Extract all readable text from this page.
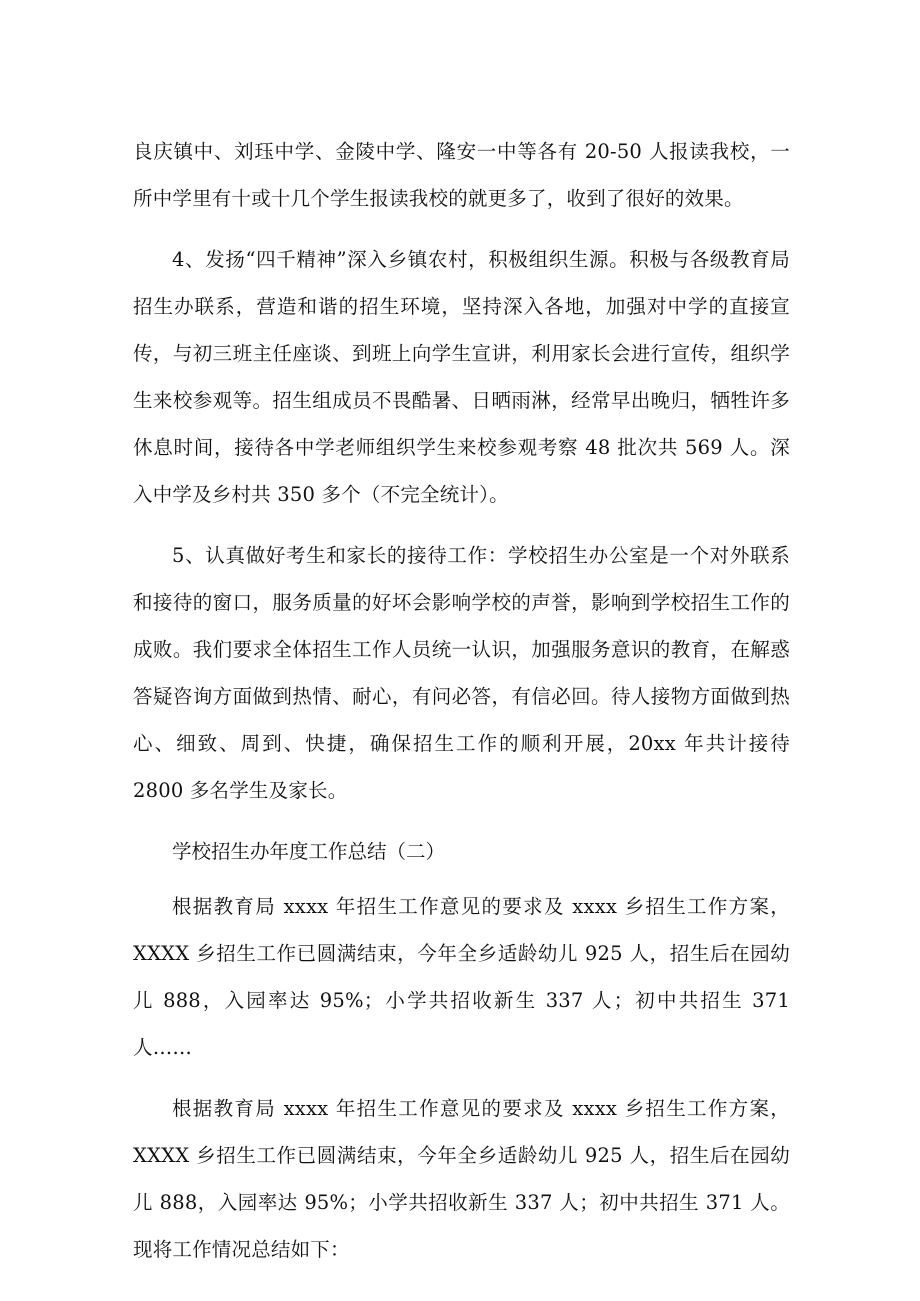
良庆镇中、刘珏中学、金陵中学、隆安一中等各有 20-50 人报读我校，一所中学里有十或十几个学生报读我校的就更多了，收到了很好的效果。

4、发扬“四千精神”深入乡镇农村，积极组织生源。积极与各级教育局招生办联系，营造和谐的招生环境，坚持深入各地，加强对中学的直接宣传，与初三班主任座谈、到班上向学生宣讲，利用家长会进行宣传，组织学生来校参观等。招生组成员不畏酷暑、日晒雨淋，经常早出晚归，牺牲许多休息时间，接待各中学老师组织学生来校参观考察 48 批次共 569 人。深入中学及乡村共 350 多个（不完全统计）。

5、认真做好考生和家长的接待工作：学校招生办公室是一个对外联系和接待的窗口，服务质量的好坏会影响学校的声誉，影响到学校招生工作的成败。我们要求全体招生工作人员统一认识，加强服务意识的教育，在解惑答疑咨询方面做到热情、耐心，有问必答，有信必回。待人接物方面做到热心、细致、周到、快捷，确保招生工作的顺利开展，20xx 年共计接待 2800 多名学生及家长。

学校招生办年度工作总结（二）

根据教育局 xxxx 年招生工作意见的要求及 xxxx 乡招生工作方案，XXXX 乡招生工作已圆满结束，今年全乡适龄幼儿 925 人，招生后在园幼儿 888，入园率达 95%；小学共招收新生 337 人；初中共招生 371 人……

根据教育局 xxxx 年招生工作意见的要求及 xxxx 乡招生工作方案，XXXX 乡招生工作已圆满结束，今年全乡适龄幼儿 925 人，招生后在园幼儿 888，入园率达 95%；小学共招收新生 337 人；初中共招生 371 人。现将工作情况总结如下：
